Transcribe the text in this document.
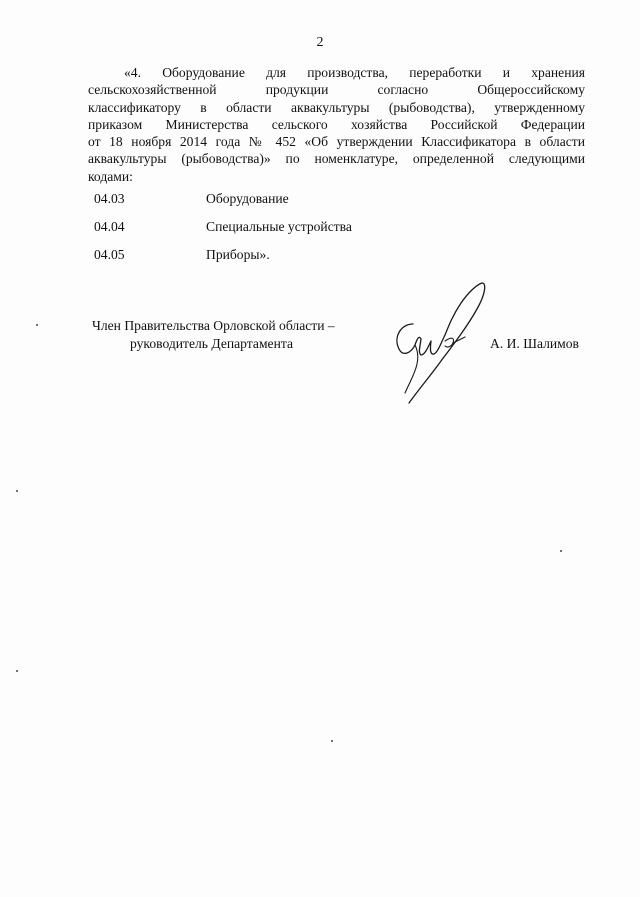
2
«4. Оборудование для производства, переработки и хранения
сельскохозяйственной продукции согласно Общероссийскому
классификатору в области аквакультуры (рыбоводства), утвержденному
приказом Министерства сельского хозяйства Российской Федерации
от 18 ноября 2014 года № 452 «Об утверждении Классификатора в области
аквакультуры (рыбоводства)» по номенклатуре, определенной следующими
кодами:
04.03	Оборудование
04.04	Специальные устройства
04.05	Приборы».
Член Правительства Орловской области –
руководитель Департамента	А. И. Шалимов
